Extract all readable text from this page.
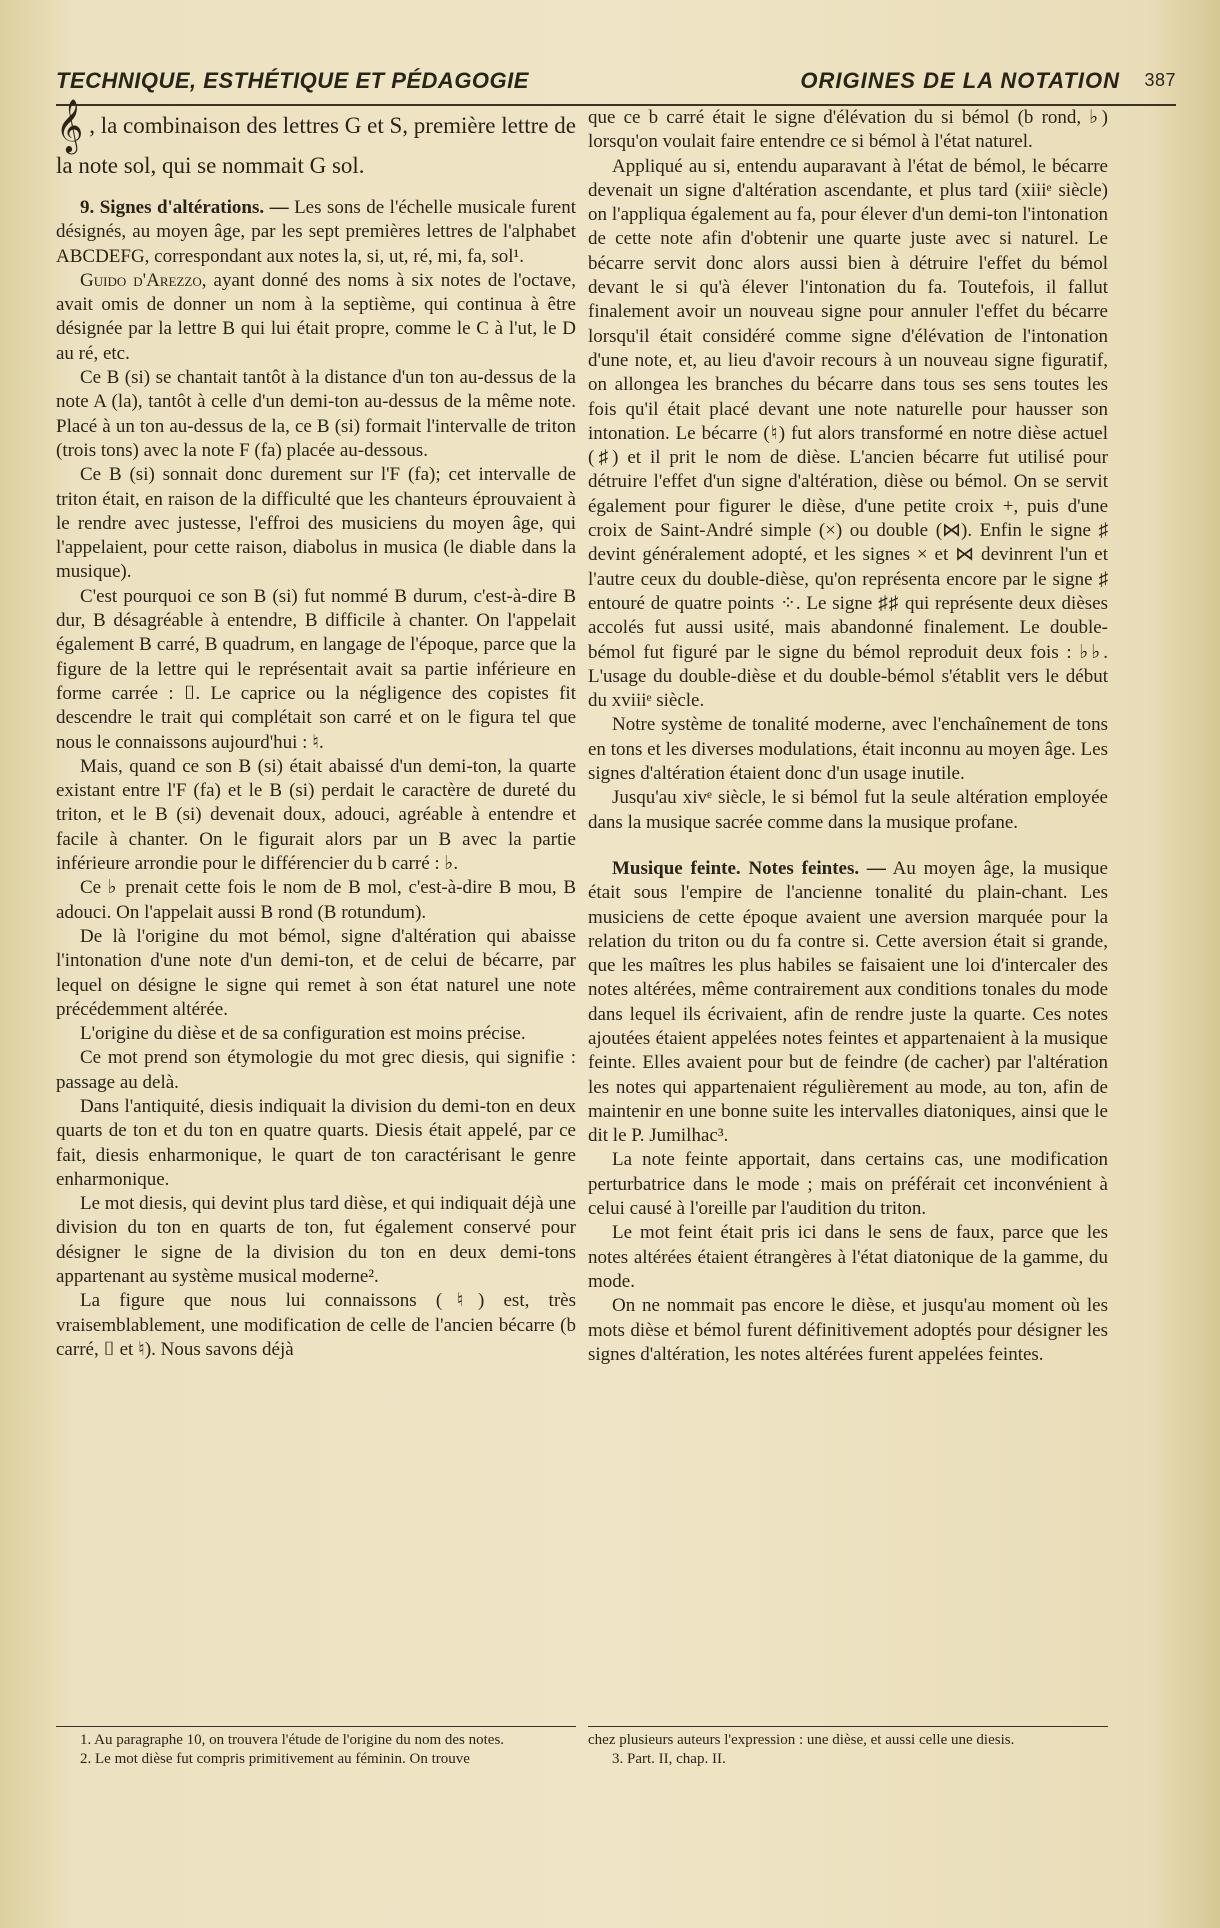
TECHNIQUE, ESTHÉTIQUE ET PÉDAGOGIE	ORIGINES DE LA NOTATION 387

𝄞 , la combinaison des lettres G et S, première lettre de la note sol, qui se nommait G sol.

9. Signes d'altérations. — Les sons de l'échelle musicale furent désignés, au moyen âge, par les sept premières lettres de l'alphabet ABCDEFG, correspondant aux notes la, si, ut, ré, mi, fa, sol¹.

Guido d'Arezzo, ayant donné des noms à six notes de l'octave, avait omis de donner un nom à la septième, qui continua à être désignée par la lettre B qui lui était propre, comme le C à l'ut, le D au ré, etc.

Ce B (si) se chantait tantôt à la distance d'un ton au-dessus de la note A (la), tantôt à celle d'un demi-ton au-dessus de la même note. Placé à un ton au-dessus de la, ce B (si) formait l'intervalle de triton (trois tons) avec la note F (fa) placée au-dessous.

Ce B (si) sonnait donc durement sur l'F (fa); cet intervalle de triton était, en raison de la difficulté que les chanteurs éprouvaient à le rendre avec justesse, l'effroi des musiciens du moyen âge, qui l'appelaient, pour cette raison, diabolus in musica (le diable dans la musique).

C'est pourquoi ce son B (si) fut nommé B durum, c'est-à-dire B dur, B désagréable à entendre, B difficile à chanter. On l'appelait également B carré, B quadrum, en langage de l'époque, parce que la figure de la lettre qui le représentait avait sa partie inférieure en forme carrée : ⌷. Le caprice ou la négligence des copistes fit descendre le trait qui complétait son carré et on le figura tel que nous le connaissons aujourd'hui : ♮.

Mais, quand ce son B (si) était abaissé d'un demi-ton, la quarte existant entre l'F (fa) et le B (si) perdait le caractère de dureté du triton, et le B (si) devenait doux, adouci, agréable à entendre et facile à chanter. On le figurait alors par un B avec la partie inférieure arrondie pour le différencier du b carré : ♭.

Ce ♭ prenait cette fois le nom de B mol, c'est-à-dire B mou, B adouci. On l'appelait aussi B rond (B rotundum).

De là l'origine du mot bémol, signe d'altération qui abaisse l'intonation d'une note d'un demi-ton, et de celui de bécarre, par lequel on désigne le signe qui remet à son état naturel une note précédemment altérée.

L'origine du dièse et de sa configuration est moins précise.

Ce mot prend son étymologie du mot grec diesis, qui signifie : passage au delà.

Dans l'antiquité, diesis indiquait la division du demi-ton en deux quarts de ton et du ton en quatre quarts. Diesis était appelé, par ce fait, diesis enharmonique, le quart de ton caractérisant le genre enharmonique.

Le mot diesis, qui devint plus tard dièse, et qui indiquait déjà une division du ton en quarts de ton, fut également conservé pour désigner le signe de la division du ton en deux demi-tons appartenant au système musical moderne².

La figure que nous lui connaissons (♮) est, très vraisemblablement, une modification de celle de l'ancien bécarre (b carré, ⌷ et ♮). Nous savons déjà

que ce b carré était le signe d'élévation du si bémol (b rond, ♭) lorsqu'on voulait faire entendre ce si bémol à l'état naturel.

Appliqué au si, entendu auparavant à l'état de bémol, le bécarre devenait un signe d'altération ascendante, et plus tard (xiiiᵉ siècle) on l'appliqua également au fa, pour élever d'un demi-ton l'intonation de cette note afin d'obtenir une quarte juste avec si naturel. Le bécarre servit donc alors aussi bien à détruire l'effet du bémol devant le si qu'à élever l'intonation du fa. Toutefois, il fallut finalement avoir un nouveau signe pour annuler l'effet du bécarre lorsqu'il était considéré comme signe d'élévation de l'intonation d'une note, et, au lieu d'avoir recours à un nouveau signe figuratif, on allongea les branches du bécarre dans tous ses sens toutes les fois qu'il était placé devant une note naturelle pour hausser son intonation. Le bécarre (♮) fut alors transformé en notre dièse actuel (♯) et il prit le nom de dièse. L'ancien bécarre fut utilisé pour détruire l'effet d'un signe d'altération, dièse ou bémol. On se servit également pour figurer le dièse, d'une petite croix +, puis d'une croix de Saint-André simple (×) ou double (⋈). Enfin le signe ♯ devint généralement adopté, et les signes × et ⋈ devinrent l'un et l'autre ceux du double-dièse, qu'on représenta encore par le signe ♯ entouré de quatre points ⁘. Le signe ♯♯ qui représente deux dièses accolés fut aussi usité, mais abandonné finalement. Le double-bémol fut figuré par le signe du bémol reproduit deux fois : ♭♭. L'usage du double-dièse et du double-bémol s'établit vers le début du xviiiᵉ siècle.

Notre système de tonalité moderne, avec l'enchaînement de tons en tons et les diverses modulations, était inconnu au moyen âge. Les signes d'altération étaient donc d'un usage inutile.

Jusqu'au xivᵉ siècle, le si bémol fut la seule altération employée dans la musique sacrée comme dans la musique profane.

Musique feinte. Notes feintes. — Au moyen âge, la musique était sous l'empire de l'ancienne tonalité du plain-chant. Les musiciens de cette époque avaient une aversion marquée pour la relation du triton ou du fa contre si. Cette aversion était si grande, que les maîtres les plus habiles se faisaient une loi d'intercaler des notes altérées, même contrairement aux conditions tonales du mode dans lequel ils écrivaient, afin de rendre juste la quarte. Ces notes ajoutées étaient appelées notes feintes et appartenaient à la musique feinte. Elles avaient pour but de feindre (de cacher) par l'altération les notes qui appartenaient régulièrement au mode, au ton, afin de maintenir en une bonne suite les intervalles diatoniques, ainsi que le dit le P. Jumilhac³.

La note feinte apportait, dans certains cas, une modification perturbatrice dans le mode ; mais on préférait cet inconvénient à celui causé à l'oreille par l'audition du triton.

Le mot feint était pris ici dans le sens de faux, parce que les notes altérées étaient étrangères à l'état diatonique de la gamme, du mode.

On ne nommait pas encore le dièse, et jusqu'au moment où les mots dièse et bémol furent définitivement adoptés pour désigner les signes d'altération, les notes altérées furent appelées feintes.

1. Au paragraphe 10, on trouvera l'étude de l'origine du nom des notes.

2. Le mot dièse fut compris primitivement au féminin. On trouve

chez plusieurs auteurs l'expression : une dièse, et aussi celle une diesis.

3. Part. II, chap. II.
